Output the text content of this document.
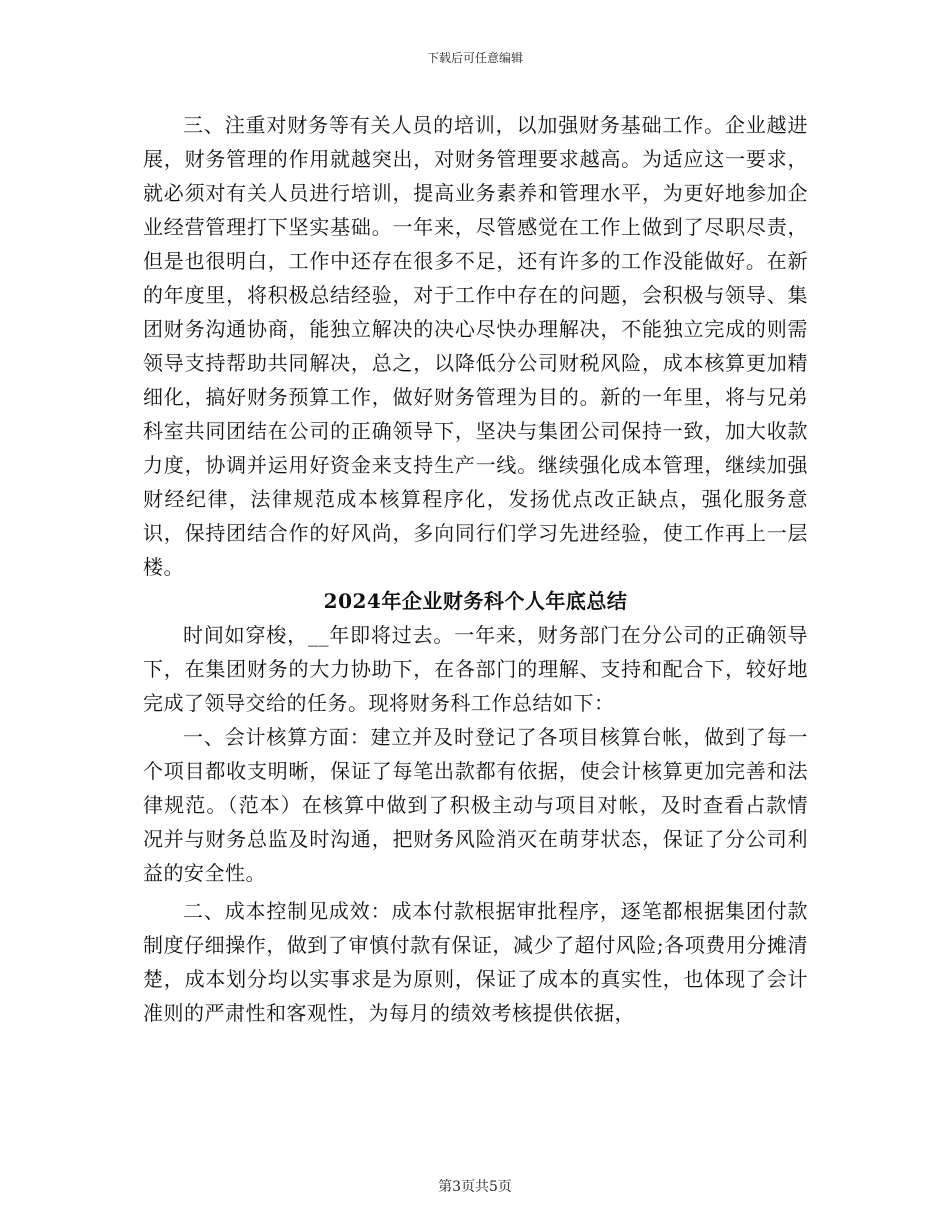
下载后可任意编辑

三、注重对财务等有关人员的培训，以加强财务基础工作。企业越进展，财务管理的作用就越突出，对财务管理要求越高。为适应这一要求，就必须对有关人员进行培训，提高业务素养和管理水平，为更好地参加企业经营管理打下坚实基础。一年来，尽管感觉在工作上做到了尽职尽责，但是也很明白，工作中还存在很多不足，还有许多的工作没能做好。在新的年度里，将积极总结经验，对于工作中存在的问题，会积极与领导、集团财务沟通协商，能独立解决的决心尽快办理解决，不能独立完成的则需领导支持帮助共同解决，总之，以降低分公司财税风险，成本核算更加精细化，搞好财务预算工作，做好财务管理为目的。新的一年里，将与兄弟科室共同团结在公司的正确领导下，坚决与集团公司保持一致，加大收款力度，协调并运用好资金来支持生产一线。继续强化成本管理，继续加强财经纪律，法律规范成本核算程序化，发扬优点改正缺点，强化服务意识，保持团结合作的好风尚，多向同行们学习先进经验，使工作再上一层楼。

2024年企业财务科个人年底总结

时间如穿梭，__年即将过去。一年来，财务部门在分公司的正确领导下，在集团财务的大力协助下，在各部门的理解、支持和配合下，较好地完成了领导交给的任务。现将财务科工作总结如下：

一、会计核算方面：建立并及时登记了各项目核算台帐，做到了每一个项目都收支明晰，保证了每笔出款都有依据，使会计核算更加完善和法律规范。（范本）在核算中做到了积极主动与项目对帐，及时查看占款情况并与财务总监及时沟通，把财务风险消灭在萌芽状态，保证了分公司利益的安全性。

二、成本控制见成效：成本付款根据审批程序，逐笔都根据集团付款制度仔细操作，做到了审慎付款有保证，减少了超付风险;各项费用分摊清楚，成本划分均以实事求是为原则，保证了成本的真实性，也体现了会计准则的严肃性和客观性，为每月的绩效考核提供依据，

第3页共5页
